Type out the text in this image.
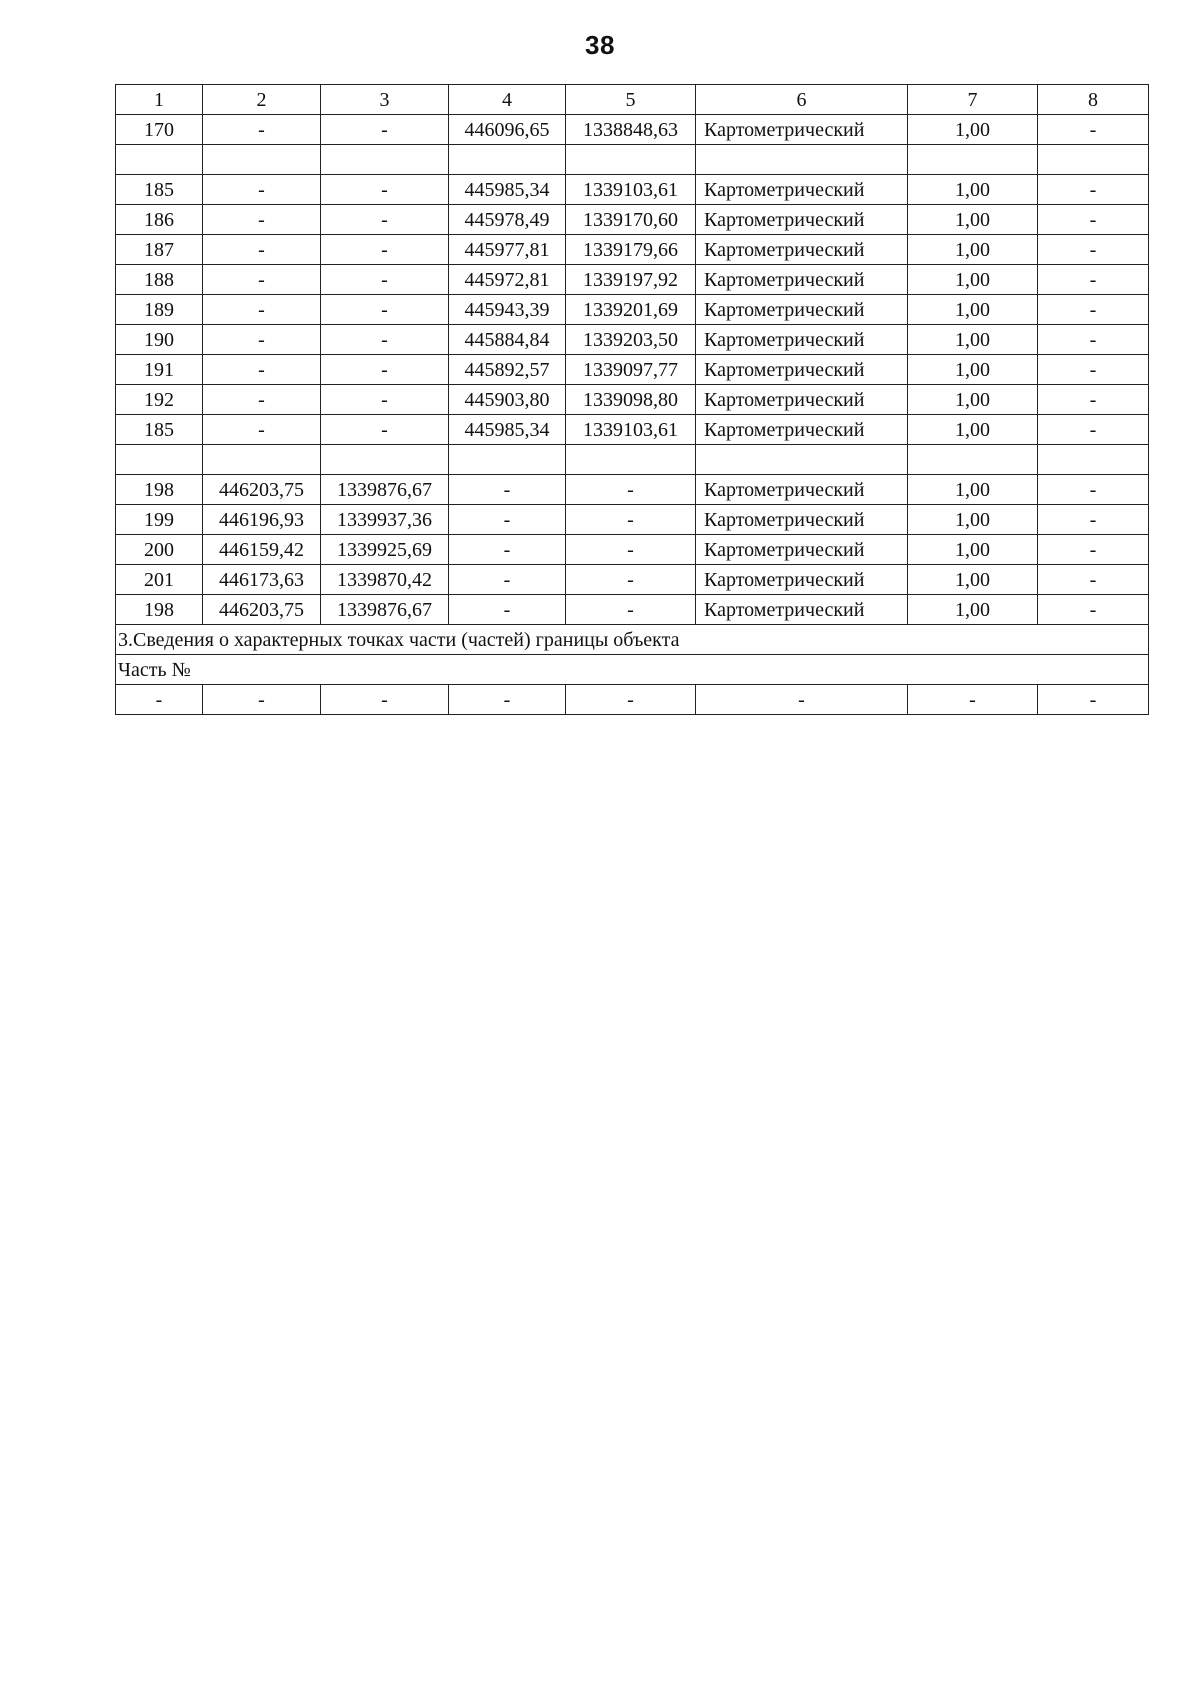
38
1	2	3	4	5	6	7	8
170	-	-	446096,65	1338848,63	Картометрический	1,00	-

185	-	-	445985,34	1339103,61	Картометрический	1,00	-
186	-	-	445978,49	1339170,60	Картометрический	1,00	-
187	-	-	445977,81	1339179,66	Картометрический	1,00	-
188	-	-	445972,81	1339197,92	Картометрический	1,00	-
189	-	-	445943,39	1339201,69	Картометрический	1,00	-
190	-	-	445884,84	1339203,50	Картометрический	1,00	-
191	-	-	445892,57	1339097,77	Картометрический	1,00	-
192	-	-	445903,80	1339098,80	Картометрический	1,00	-
185	-	-	445985,34	1339103,61	Картометрический	1,00	-

198	446203,75	1339876,67	-	-	Картометрический	1,00	-
199	446196,93	1339937,36	-	-	Картометрический	1,00	-
200	446159,42	1339925,69	-	-	Картометрический	1,00	-
201	446173,63	1339870,42	-	-	Картометрический	1,00	-
198	446203,75	1339876,67	-	-	Картометрический	1,00	-
3.Сведения о характерных точках части (частей) границы объекта							
Часть №							
-	-	-	-	-	-	-	-
